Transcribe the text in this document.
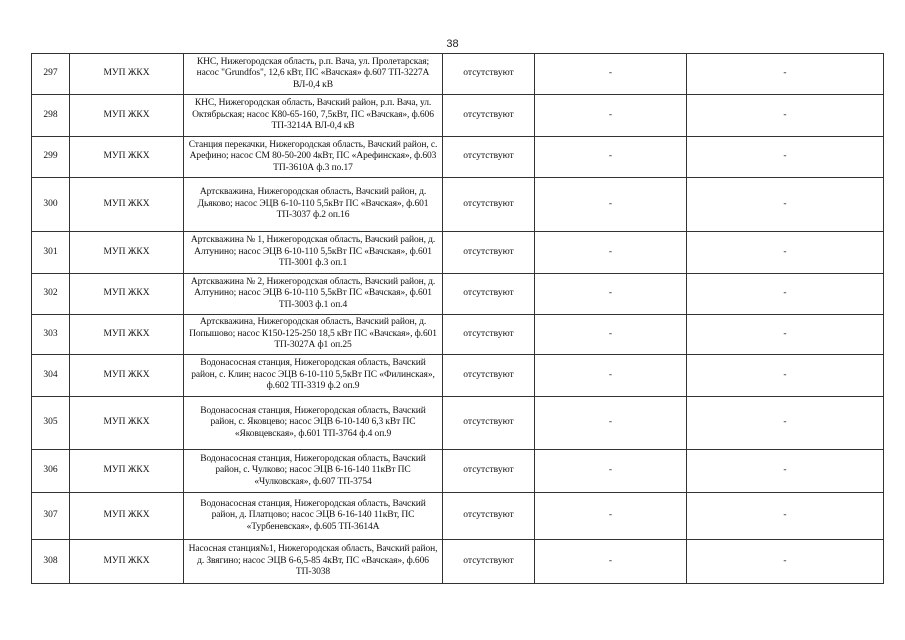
38
297	МУП ЖКХ	КНС, Нижегородская область, р.п. Вача, ул. Пролетарская; насос "Grundfos", 12,6 кВт, ПС «Вачская» ф.607 ТП-3227А ВЛ-0,4 кВ	отсутствуют	-	-
298	МУП ЖКХ	КНС, Нижегородская область, Вачский район, р.п. Вача, ул. Октябрьская; насос К80-65-160, 7,5кВт, ПС «Вачская», ф.606 ТП-3214А ВЛ-0,4 кВ	отсутствуют	-	-
299	МУП ЖКХ	Станция перекачки, Нижегородская область, Вачский район, с. Арефино; насос СМ 80-50-200 4кВт, ПС «Арефинская», ф.603 ТП-3610А ф.3 по.17	отсутствуют	-	-
300	МУП ЖКХ	Артскважина, Нижегородская область, Вачский район, д. Дьяково; насос ЭЦВ 6-10-110 5,5кВт ПС «Вачская», ф.601 ТП-3037 ф.2 оп.16	отсутствуют	-	-
301	МУП ЖКХ	Артскважина № 1, Нижегородская область, Вачский район, д. Алтунино; насос ЭЦВ 6-10-110 5,5кВт ПС «Вачская», ф.601 ТП-3001 ф.3 оп.1	отсутствуют	-	-
302	МУП ЖКХ	Артскважина № 2, Нижегородская область, Вачский район, д. Алтунино; насос ЭЦВ 6-10-110 5,5кВт ПС «Вачская», ф.601 ТП-3003 ф.1 оп.4	отсутствуют	-	-
303	МУП ЖКХ	Артскважина, Нижегородская область, Вачский район, д. Попышово; насос К150-125-250 18,5 кВт ПС «Вачская», ф.601 ТП-3027А ф1 оп.25	отсутствуют	-	-
304	МУП ЖКХ	Водонасосная станция, Нижегородская область, Вачский район, с. Клин; насос ЭЦВ 6-10-110 5,5кВт ПС «Филинская», ф.602 ТП-3319 ф.2 оп.9	отсутствуют	-	-
305	МУП ЖКХ	Водонасосная станция, Нижегородская область, Вачский район, с. Яковцево; насос ЭЦВ 6-10-140 6,3 кВт ПС «Яковцевская», ф.601 ТП-3764 ф.4 оп.9	отсутствуют	-	-
306	МУП ЖКХ	Водонасосная станция, Нижегородская область, Вачский район, с. Чулково; насос ЭЦВ 6-16-140 11кВт ПС «Чулковская», ф.607 ТП-3754	отсутствуют	-	-
307	МУП ЖКХ	Водонасосная станция, Нижегородская область, Вачский район, д. Платцово; насос ЭЦВ 6-16-140 11кВт, ПС «Турбеневская», ф.605 ТП-3614А	отсутствуют	-	-
308	МУП ЖКХ	Насосная станция№1, Нижегородская область, Вачский район, д. Звягино; насос ЭЦВ 6-6,5-85 4кВт, ПС «Вачская», ф.606 ТП-3038	отсутствуют	-	-
